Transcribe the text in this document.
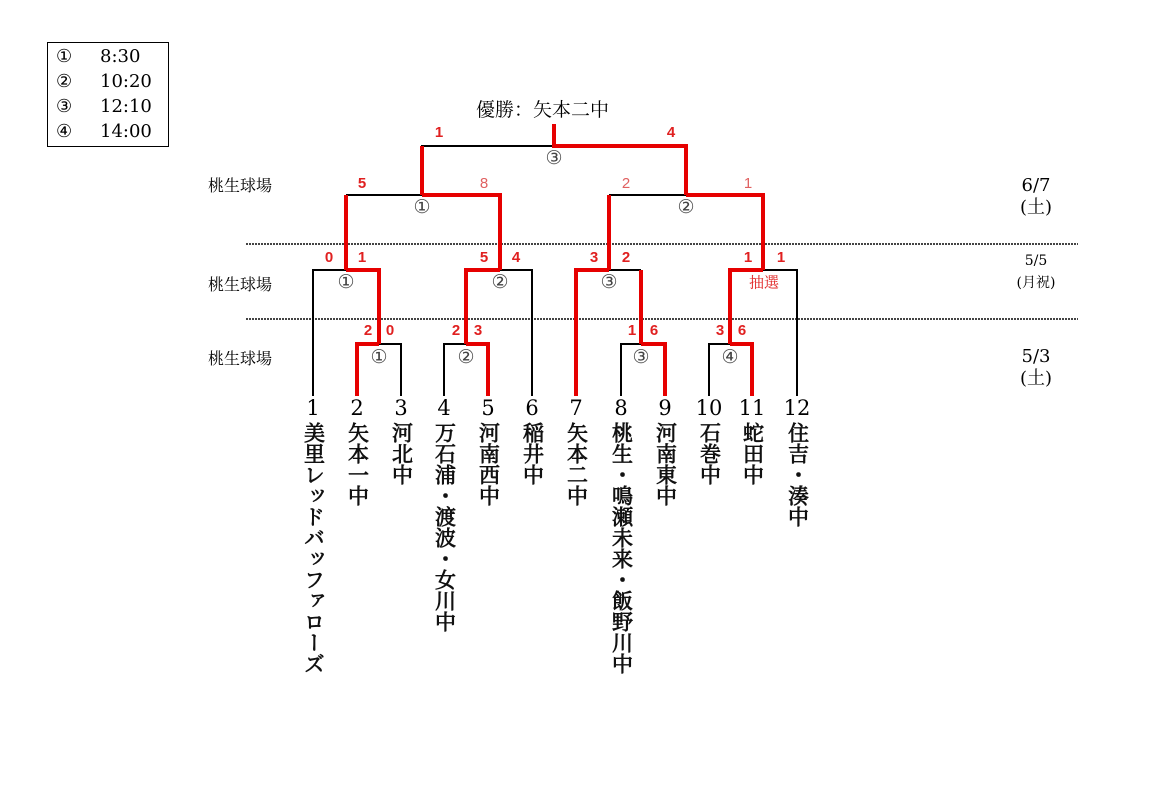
① 8:30
② 10:20
③ 12:10
④ 14:00
桃生球場
桃生球場
桃生球場
6/7
(土)
5/5
(月祝)
5/3
(土)
優勝：矢本二中
③
①	②
①	②	③	抽選
①	②	③	④
1	4
5	8	2	1
0 1	5 4	3 2	1 1
2 0	2 3	1 6	3 6
1
美里レッドバッファローズ
2
矢本一中
3
河北中
4
万石浦・渡波・女川中
5
河南西中
6
稲井中
7
矢本二中
8
桃生・鳴瀬未来・飯野川中
9
河南東中
10
石巻中
11
蛇田中
12
住吉・湊中
